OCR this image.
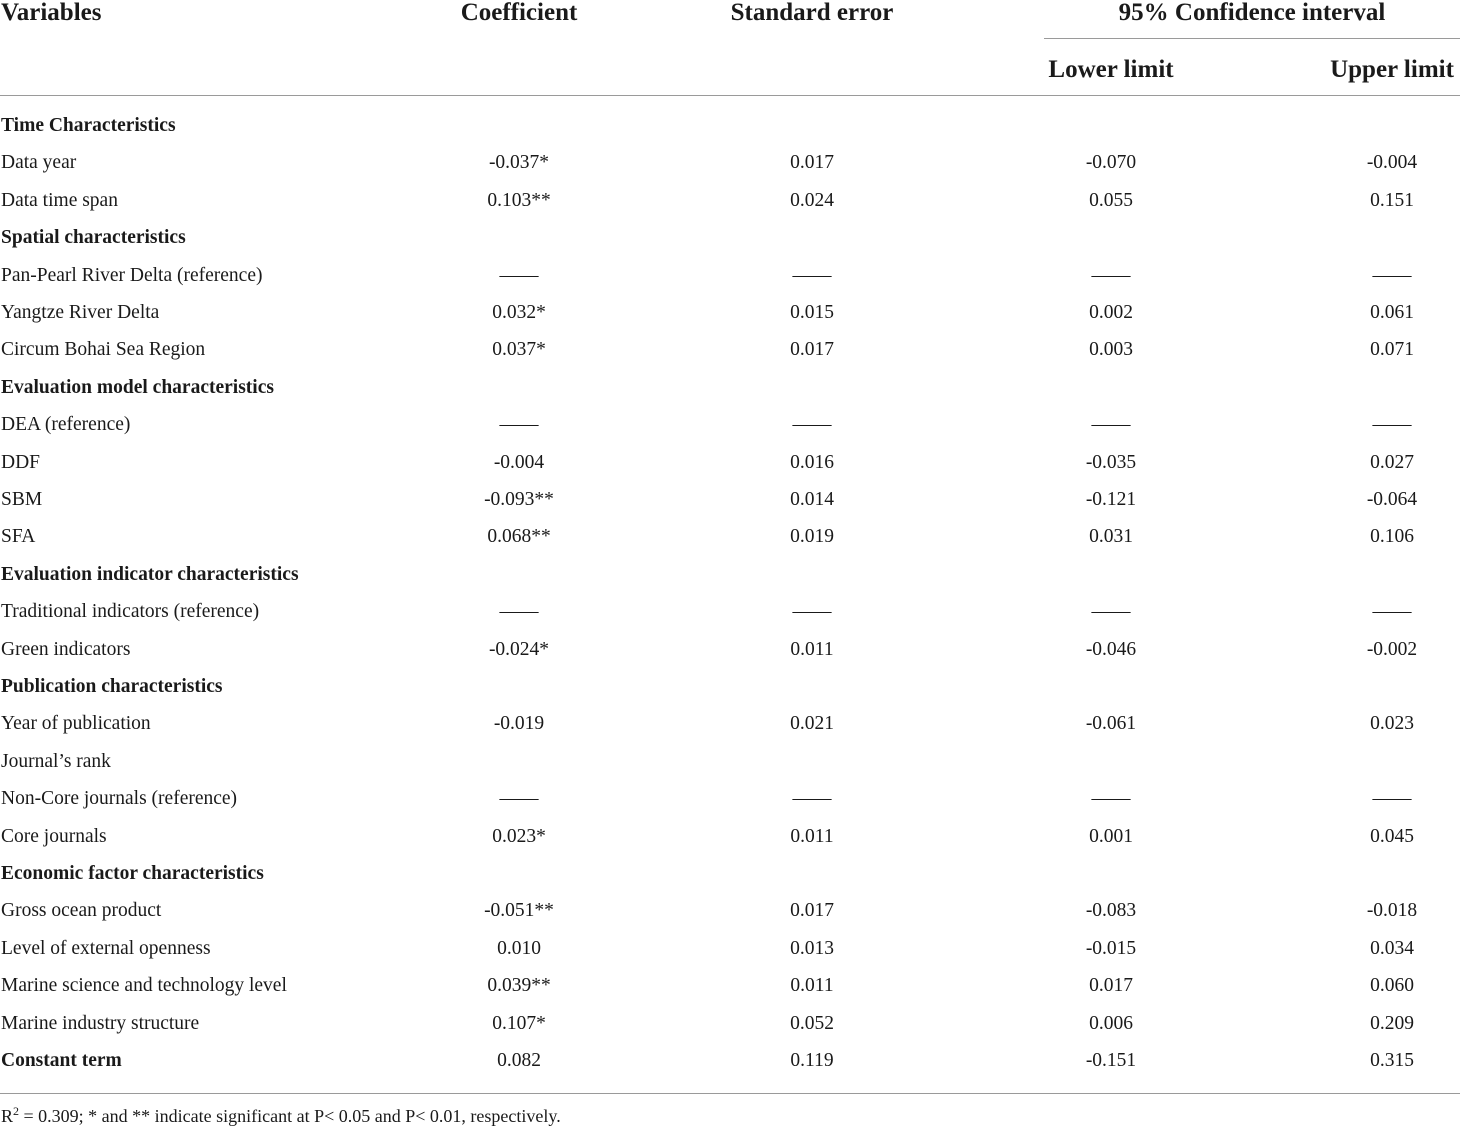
Variables	Coefficient	Standard error	95% Confidence interval
Lower limit	Upper limit
Time Characteristics
Data year	-0.037*	0.017	-0.070	-0.004
Data time span	0.103**	0.024	0.055	0.151
Spatial characteristics
Pan-Pearl River Delta (reference)	——	——	——	——
Yangtze River Delta	0.032*	0.015	0.002	0.061
Circum Bohai Sea Region	0.037*	0.017	0.003	0.071
Evaluation model characteristics
DEA (reference)	——	——	——	——
DDF	-0.004	0.016	-0.035	0.027
SBM	-0.093**	0.014	-0.121	-0.064
SFA	0.068**	0.019	0.031	0.106
Evaluation indicator characteristics
Traditional indicators (reference)	——	——	——	——
Green indicators	-0.024*	0.011	-0.046	-0.002
Publication characteristics
Year of publication	-0.019	0.021	-0.061	0.023
Journal’s rank
Non-Core journals (reference)	——	——	——	——
Core journals	0.023*	0.011	0.001	0.045
Economic factor characteristics
Gross ocean product	-0.051**	0.017	-0.083	-0.018
Level of external openness	0.010	0.013	-0.015	0.034
Marine science and technology level	0.039**	0.011	0.017	0.060
Marine industry structure	0.107*	0.052	0.006	0.209
Constant term	0.082	0.119	-0.151	0.315
$R^2 = 0.309$; * and ** indicate significant at P< 0.05 and P< 0.01, respectively.
